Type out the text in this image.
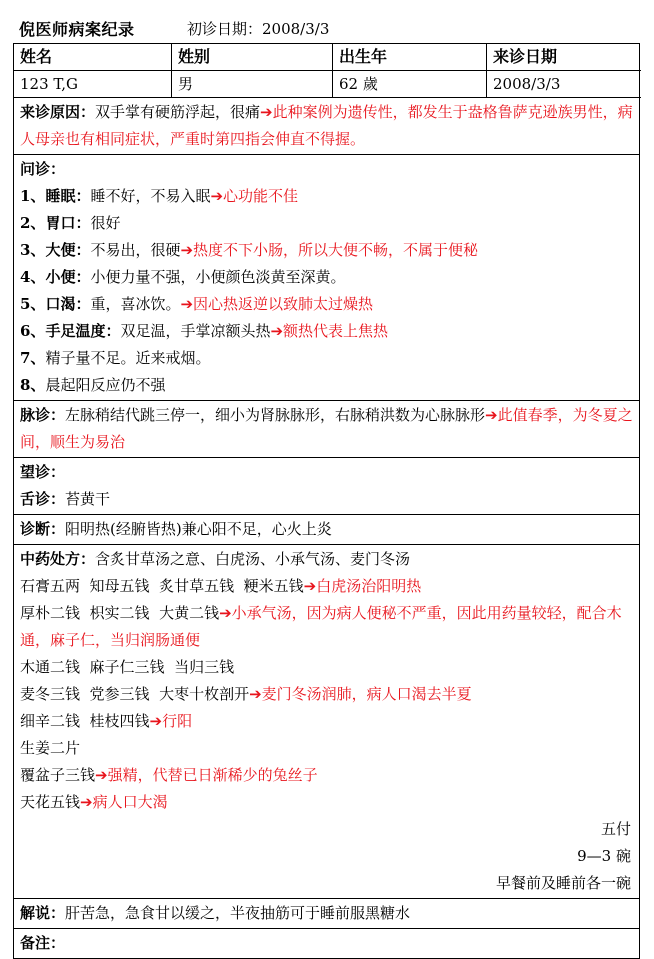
倪医师病案纪录	初诊日期：2008/3/3
姓名	姓别	出生年	来诊日期
123 T,G	男	62 歲	2008/3/3
来诊原因：双手掌有硬筋浮起，很痛➔此种案例为遗传性，都发生于盎格鲁萨克逊族男性，病人母亲也有相同症状，严重时第四指会伸直不得握。
问诊：
1、睡眠：睡不好，不易入眠➔心功能不佳
2、胃口：很好
3、大便：不易出，很硬➔热度不下小肠，所以大便不畅，不属于便秘
4、小便：小便力量不强，小便颜色淡黄至深黄。
5、口渴：重，喜冰饮。➔因心热返逆以致肺太过燥热
6、手足温度：双足温，手掌凉额头热➔额热代表上焦热
7、精子量不足。近来戒烟。
8、晨起阳反应仍不强
脉诊：左脉稍结代跳三停一，细小为肾脉脉形，右脉稍洪数为心脉脉形➔此值春季，为冬夏之间，顺生为易治
望诊：
舌诊：苔黄干
诊断：阳明热(经腑皆热)兼心阳不足，心火上炎
中药处方：含炙甘草汤之意、白虎汤、小承气汤、麦门冬汤
石膏五两  知母五钱  炙甘草五钱  粳米五钱➔白虎汤治阳明热
厚朴二钱  枳实二钱  大黄二钱➔小承气汤，因为病人便秘不严重，因此用药量较轻，配合木通，麻子仁，当归润肠通便
木通二钱  麻子仁三钱  当归三钱
麦冬三钱  党参三钱  大枣十枚剖开➔麦门冬汤润肺，病人口渴去半夏
细辛二钱  桂枝四钱➔行阳
生姜二片
覆盆子三钱➔强精，代替已日渐稀少的兔丝子
天花五钱➔病人口大渴
五付
9—3 碗
早餐前及睡前各一碗
解说：肝苦急，急食甘以缓之，半夜抽筋可于睡前服黑糖水
备注：
